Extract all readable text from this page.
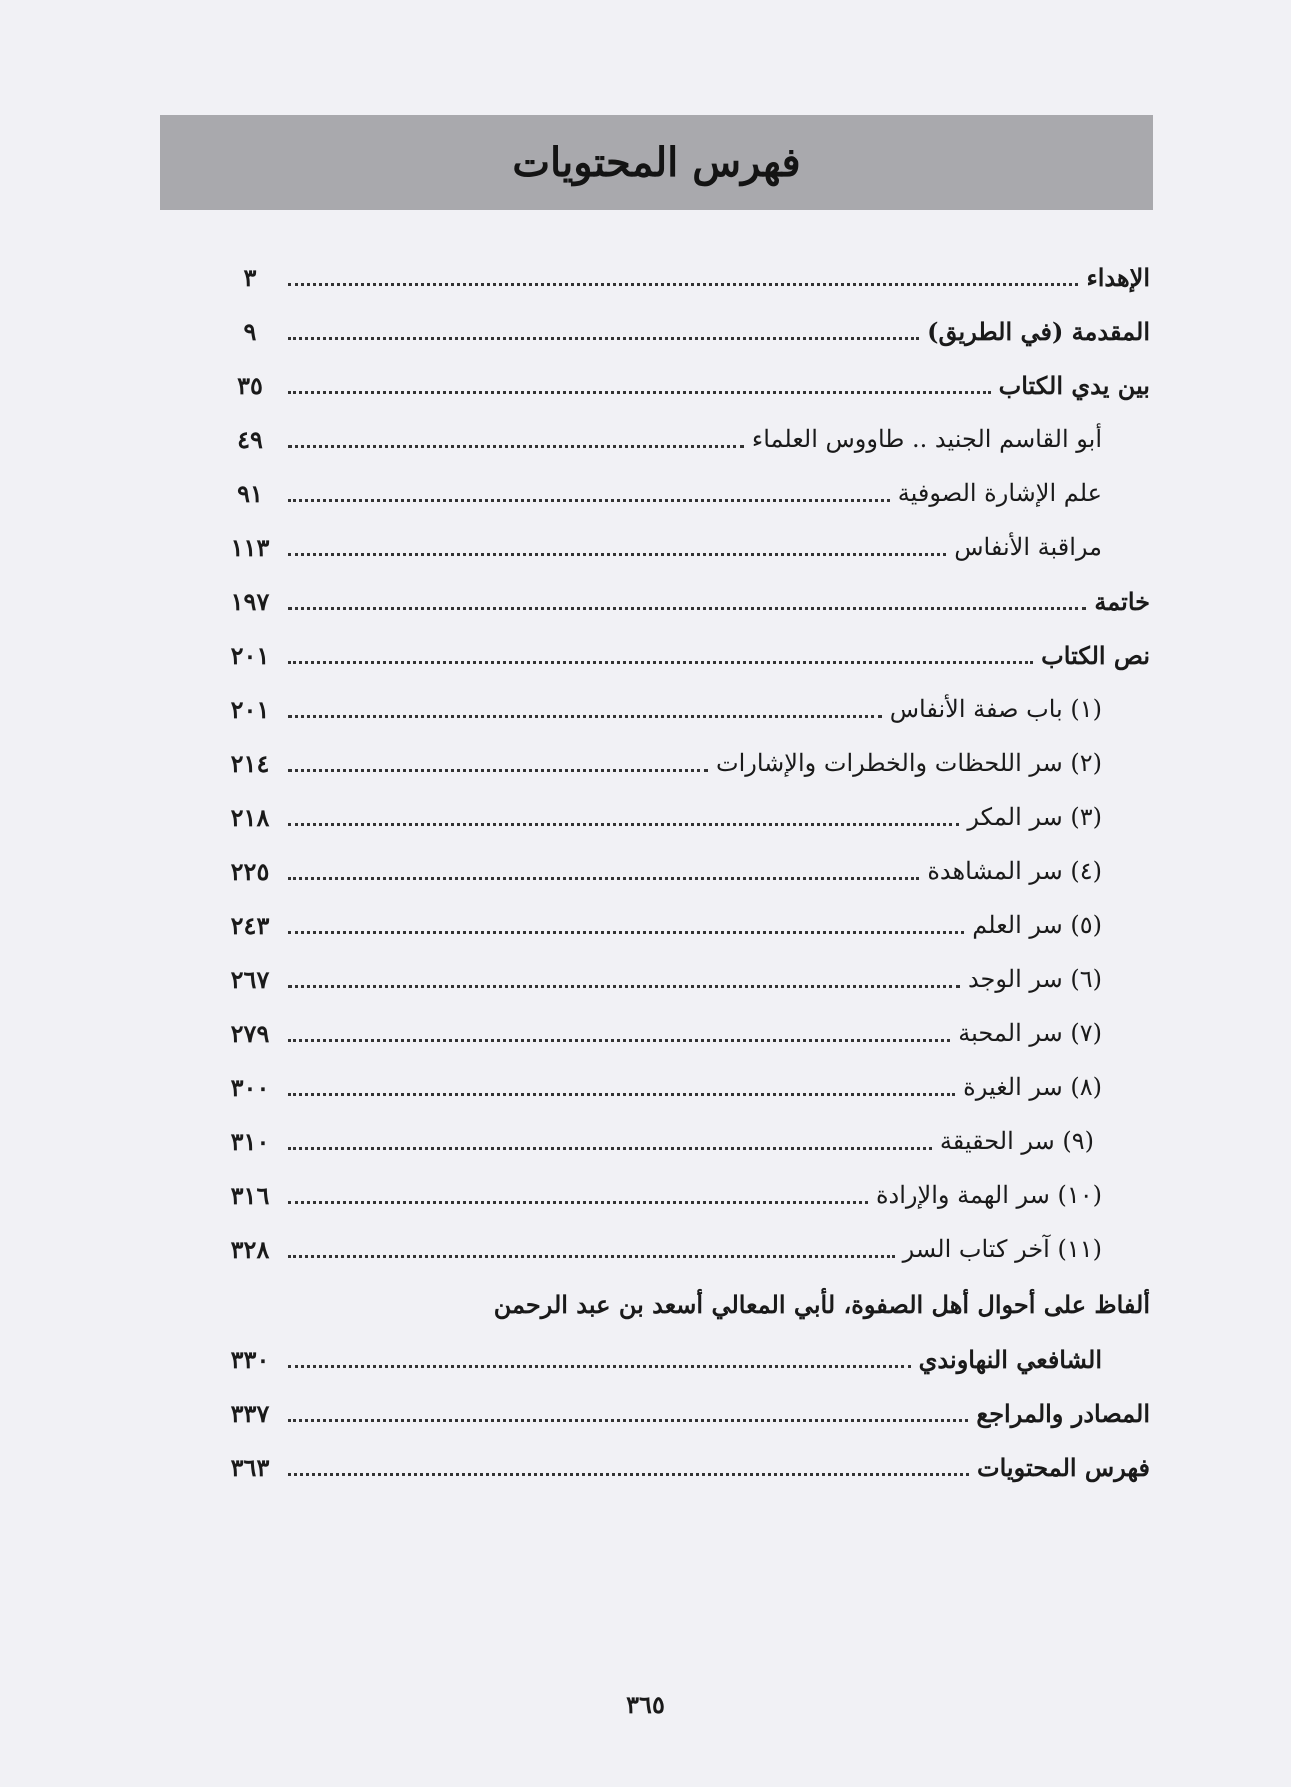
فهرس المحتويات
الإهداء
٣
المقدمة (في الطريق)
٩
بين يدي الكتاب
٣٥
أبو القاسم الجنيد .. طاووس العلماء
٤٩
علم الإشارة الصوفية
٩١
مراقبة الأنفاس
١١٣
خاتمة
١٩٧
نص الكتاب
٢٠١
(١) باب صفة الأنفاس
٢٠١
(٢) سر اللحظات والخطرات والإشارات
٢١٤
(٣) سر المكر
٢١٨
(٤) سر المشاهدة
٢٢٥
(٥) سر العلم
٢٤٣
(٦) سر الوجد
٢٦٧
(٧) سر المحبة
٢٧٩
(٨) سر الغيرة
٣٠٠
(٩) سر الحقيقة
٣١٠
(١٠) سر الهمة والإرادة
٣١٦
(١١) آخر كتاب السر
٣٢٨
ألفاظ على أحوال أهل الصفوة، لأبي المعالي أسعد بن عبد الرحمن
الشافعي النهاوندي
٣٣٠
المصادر والمراجع
٣٣٧
فهرس المحتويات
٣٦٣
٣٦٥
